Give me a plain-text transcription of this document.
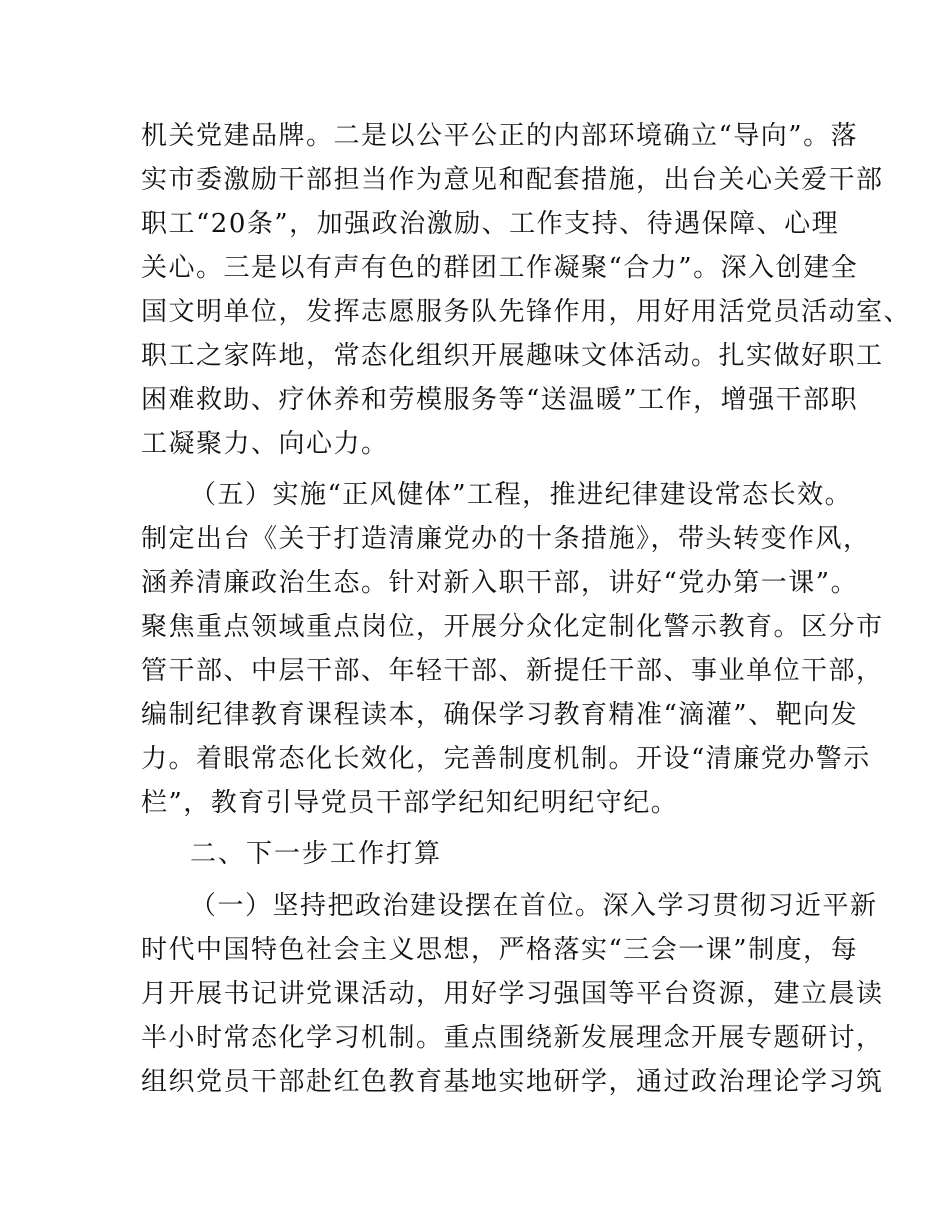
机关党建品牌。二是以公平公正的内部环境确立“导向”。落
实市委激励干部担当作为意见和配套措施，出台关心关爱干部
职工“20条”，加强政治激励、工作支持、待遇保障、心理
关心。三是以有声有色的群团工作凝聚“合力”。深入创建全
国文明单位，发挥志愿服务队先锋作用，用好用活党员活动室、
职工之家阵地，常态化组织开展趣味文体活动。扎实做好职工
困难救助、疗休养和劳模服务等“送温暖”工作，增强干部职
工凝聚力、向心力。
（五）实施“正风健体”工程，推进纪律建设常态长效。
制定出台《关于打造清廉党办的十条措施》，带头转变作风，
涵养清廉政治生态。针对新入职干部，讲好“党办第一课”。
聚焦重点领域重点岗位，开展分众化定制化警示教育。区分市
管干部、中层干部、年轻干部、新提任干部、事业单位干部，
编制纪律教育课程读本，确保学习教育精准“滴灌”、靶向发
力。着眼常态化长效化，完善制度机制。开设“清廉党办警示
栏”，教育引导党员干部学纪知纪明纪守纪。
二、下一步工作打算
（一）坚持把政治建设摆在首位。深入学习贯彻习近平新
时代中国特色社会主义思想，严格落实“三会一课”制度，每
月开展书记讲党课活动，用好学习强国等平台资源，建立晨读
半小时常态化学习机制。重点围绕新发展理念开展专题研讨，
组织党员干部赴红色教育基地实地研学，通过政治理论学习筑
